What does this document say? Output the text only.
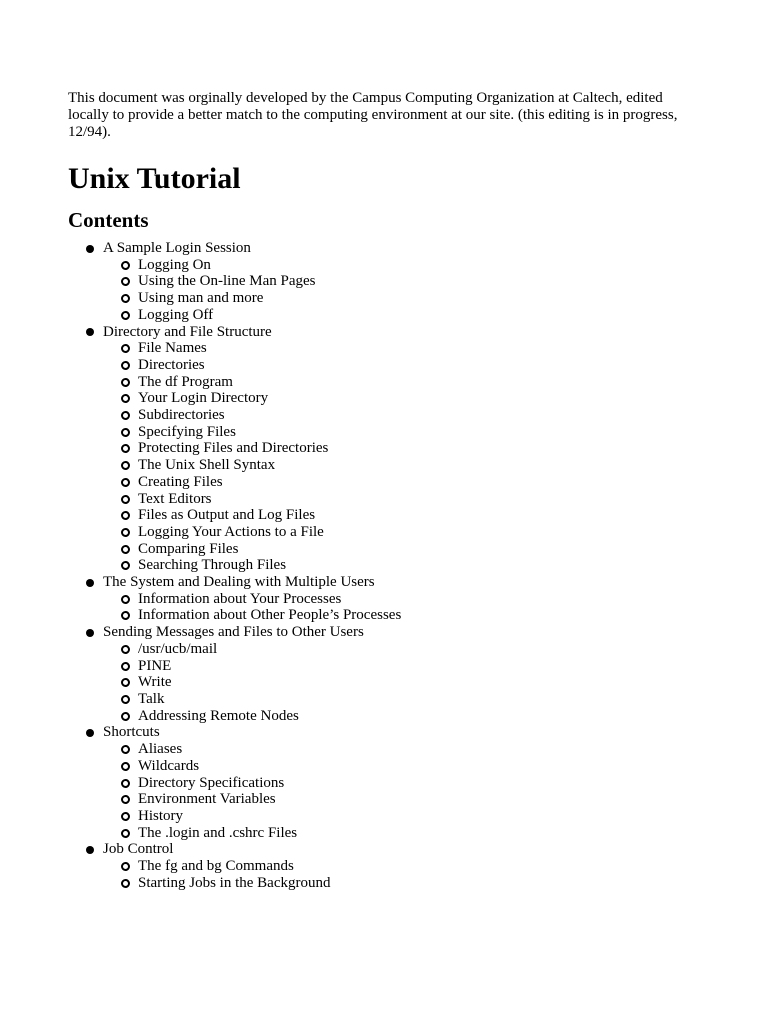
This document was orginally developed by the Campus Computing Organization at Caltech, edited locally to provide a better match to the computing environment at our site. (this editing is in progress, 12/94).

Unix Tutorial
Contents
A Sample Login Session
Logging On
Using the On-line Man Pages
Using man and more
Logging Off
Directory and File Structure
File Names
Directories
The df Program
Your Login Directory
Subdirectories
Specifying Files
Protecting Files and Directories
The Unix Shell Syntax
Creating Files
Text Editors
Files as Output and Log Files
Logging Your Actions to a File
Comparing Files
Searching Through Files
The System and Dealing with Multiple Users
Information about Your Processes
Information about Other People’s Processes
Sending Messages and Files to Other Users
/usr/ucb/mail
PINE
Write
Talk
Addressing Remote Nodes
Shortcuts
Aliases
Wildcards
Directory Specifications
Environment Variables
History
The .login and .cshrc Files
Job Control
The fg and bg Commands
Starting Jobs in the Background
